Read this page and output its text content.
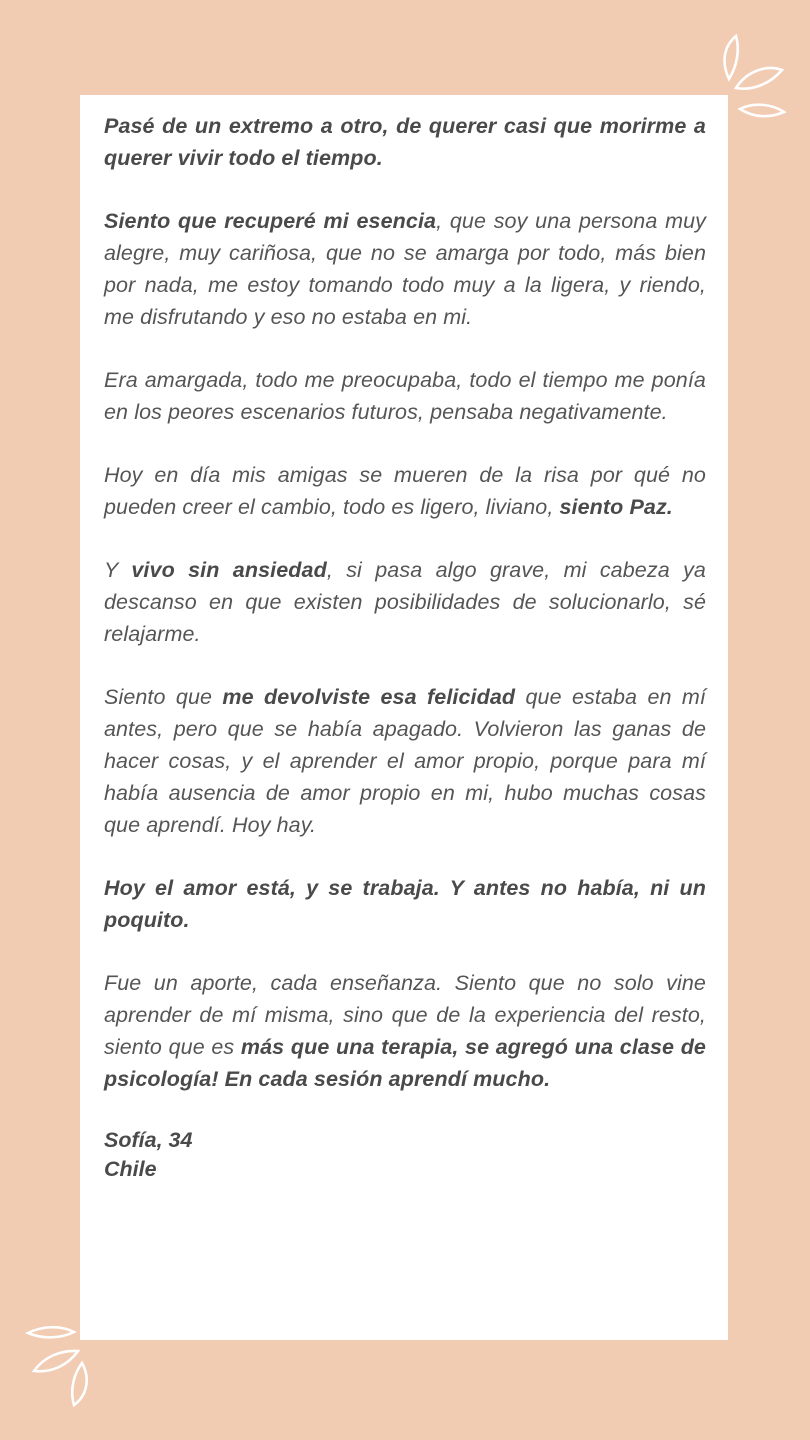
Pasé de un extremo a otro, de querer casi que morirme a querer vivir todo el tiempo.

Siento que recuperé mi esencia, que soy una persona muy alegre, muy cariñosa, que no se amarga por todo, más bien por nada, me estoy tomando todo muy a la ligera, y riendo, me disfrutando y eso no estaba en mi.

Era amargada, todo me preocupaba, todo el tiempo me ponía en los peores escenarios futuros, pensaba negativamente.

Hoy en día mis amigas se mueren de la risa por qué no pueden creer el cambio, todo es ligero, liviano, siento Paz.

Y vivo sin ansiedad, si pasa algo grave, mi cabeza ya descanso en que existen posibilidades de solucionarlo, sé relajarme.

Siento que me devolviste esa felicidad que estaba en mí antes, pero que se había apagado. Volvieron las ganas de hacer cosas, y el aprender el amor propio, porque para mí había ausencia de amor propio en mi, hubo muchas cosas que aprendí. Hoy hay.

Hoy el amor está, y se trabaja. Y antes no había, ni un poquito.

Fue un aporte, cada enseñanza. Siento que no solo vine aprender de mí misma, sino que de la experiencia del resto, siento que es más que una terapia, se agregó una clase de psicología! En cada sesión aprendí mucho.

Sofía, 34
Chile
